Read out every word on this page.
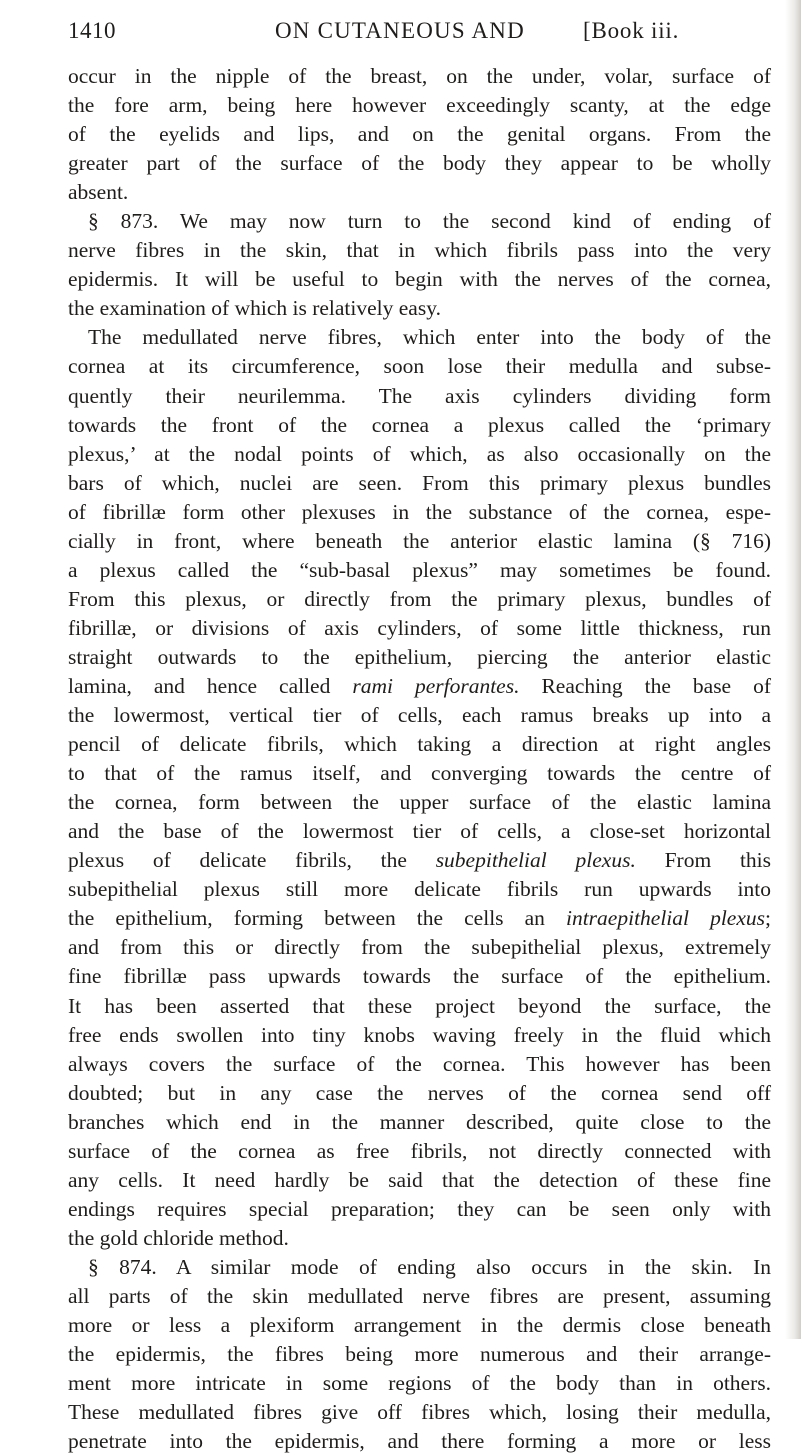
1410	ON CUTANEOUS AND	[Book iii.
occur in the nipple of the breast, on the under, volar, surface of
the fore arm, being here however exceedingly scanty, at the edge
of the eyelids and lips, and on the genital organs. From the
greater part of the surface of the body they appear to be wholly
absent.
§ 873. We may now turn to the second kind of ending of
nerve fibres in the skin, that in which fibrils pass into the very
epidermis. It will be useful to begin with the nerves of the cornea,
the examination of which is relatively easy.
The medullated nerve fibres, which enter into the body of the
cornea at its circumference, soon lose their medulla and subse-
quently their neurilemma. The axis cylinders dividing form
towards the front of the cornea a plexus called the ‘primary
plexus,’ at the nodal points of which, as also occasionally on the
bars of which, nuclei are seen. From this primary plexus bundles
of fibrillæ form other plexuses in the substance of the cornea, espe-
cially in front, where beneath the anterior elastic lamina (§ 716)
a plexus called the “sub-basal plexus” may sometimes be found.
From this plexus, or directly from the primary plexus, bundles of
fibrillæ, or divisions of axis cylinders, of some little thickness, run
straight outwards to the epithelium, piercing the anterior elastic
lamina, and hence called rami perforantes. Reaching the base of
the lowermost, vertical tier of cells, each ramus breaks up into a
pencil of delicate fibrils, which taking a direction at right angles
to that of the ramus itself, and converging towards the centre of
the cornea, form between the upper surface of the elastic lamina
and the base of the lowermost tier of cells, a close-set horizontal
plexus of delicate fibrils, the subepithelial plexus. From this
subepithelial plexus still more delicate fibrils run upwards into
the epithelium, forming between the cells an intraepithelial plexus;
and from this or directly from the subepithelial plexus, extremely
fine fibrillæ pass upwards towards the surface of the epithelium.
It has been asserted that these project beyond the surface, the
free ends swollen into tiny knobs waving freely in the fluid which
always covers the surface of the cornea. This however has been
doubted; but in any case the nerves of the cornea send off
branches which end in the manner described, quite close to the
surface of the cornea as free fibrils, not directly connected with
any cells. It need hardly be said that the detection of these fine
endings requires special preparation; they can be seen only with
the gold chloride method.
§ 874. A similar mode of ending also occurs in the skin. In
all parts of the skin medullated nerve fibres are present, assuming
more or less a plexiform arrangement in the dermis close beneath
the epidermis, the fibres being more numerous and their arrange-
ment more intricate in some regions of the body than in others.
These medullated fibres give off fibres which, losing their medulla,
penetrate into the epidermis, and there forming a more or less
